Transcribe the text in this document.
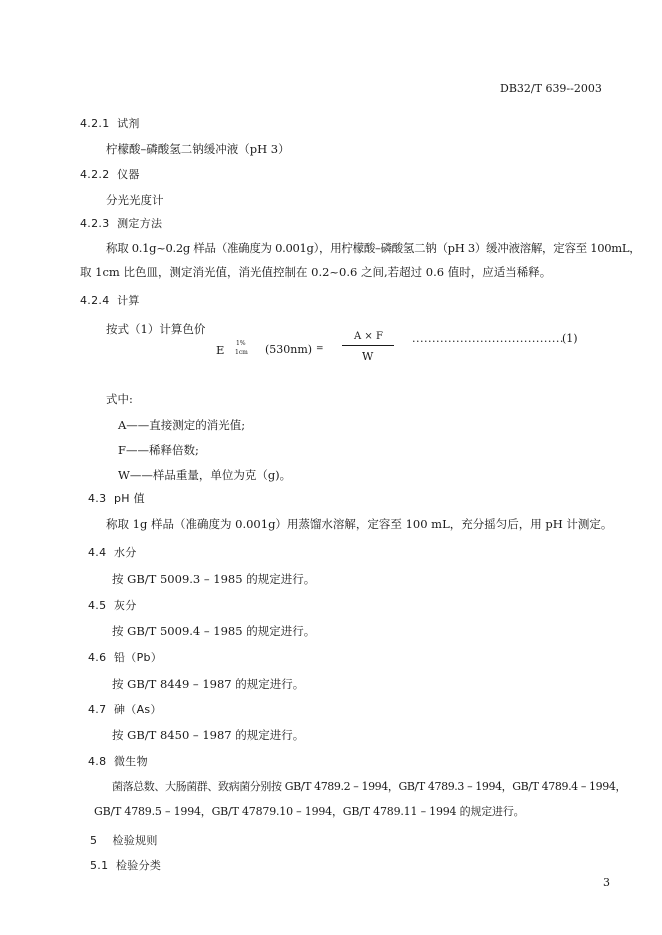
DB32/T 639--2003
4.2.1 试剂
柠檬酸–磷酸氢二钠缓冲液（pH 3）
4.2.2 仪器
分光光度计
4.2.3 测定方法
称取 0.1g~0.2g 样品（准确度为 0.001g），用柠檬酸–磷酸氢二钠（pH 3）缓冲液溶解，定容至 100mL，
取 1cm 比色皿，测定消光值，消光值控制在 0.2~0.6 之间,若超过 0.6 值时，应适当稀释。
4.2.4 计算
按式（1）计算色价
E 1%
1cm (530nm) =
A × F
W
......................................
(1)
式中:
A——直接测定的消光值;
F——稀释倍数;
W——样品重量，单位为克（g)。
4.3 pH 值
称取 1g 样品（准确度为 0.001g）用蒸馏水溶解，定容至 100 mL，充分摇匀后，用 pH 计测定。
4.4 水分
按 GB/T 5009.3 – 1985 的规定进行。
4.5 灰分
按 GB/T 5009.4 – 1985 的规定进行。
4.6 铅（Pb）
按 GB/T 8449 – 1987 的规定进行。
4.7 砷（As）
按 GB/T 8450 – 1987 的规定进行。
4.8 微生物
菌落总数、大肠菌群、致病菌分别按 GB/T 4789.2 – 1994，GB/T 4789.3 – 1994，GB/T 4789.4 – 1994，
GB/T 4789.5 – 1994，GB/T 47879.10 – 1994，GB/T 4789.11 – 1994 的规定进行。
5 检验规则
5.1 检验分类
3
